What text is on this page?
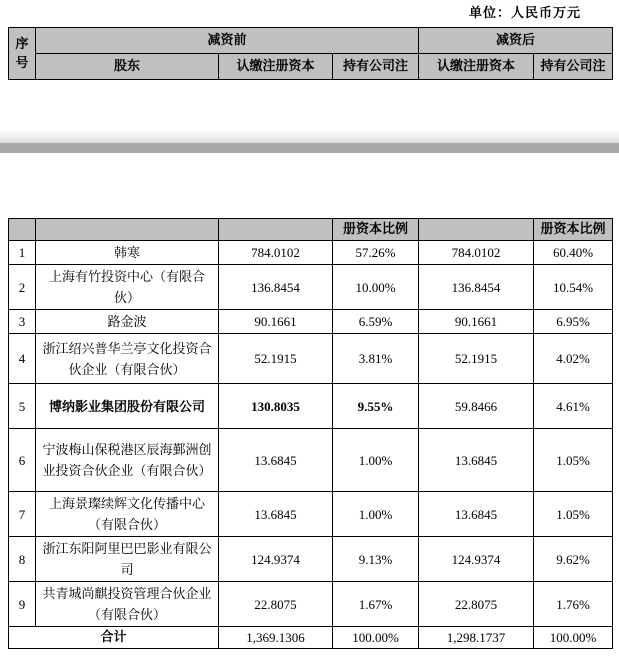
单位：人民币万元
序号	减资前			减资后	
	股东	认缴注册资本	持有公司注	认缴注册资本	持有公司注
			册资本比例		册资本比例
1	韩寒	784.0102	57.26%	784.0102	60.40%
2	上海有竹投资中心（有限合伙）	136.8454	10.00%	136.8454	10.54%
3	路金波	90.1661	6.59%	90.1661	6.95%
4	浙江绍兴普华兰亭文化投资合伙企业（有限合伙）	52.1915	3.81%	52.1915	4.02%
5	博纳影业集团股份有限公司	130.8035	9.55%	59.8466	4.61%
6	宁波梅山保税港区辰海鄞洲创业投资合伙企业（有限合伙）	13.6845	1.00%	13.6845	1.05%
7	上海景璨续辉文化传播中心（有限合伙）	13.6845	1.00%	13.6845	1.05%
8	浙江东阳阿里巴巴影业有限公司	124.9374	9.13%	124.9374	9.62%
9	共青城尚麒投资管理合伙企业（有限合伙）	22.8075	1.67%	22.8075	1.76%
合计		1,369.1306	100.00%	1,298.1737	100.00%
